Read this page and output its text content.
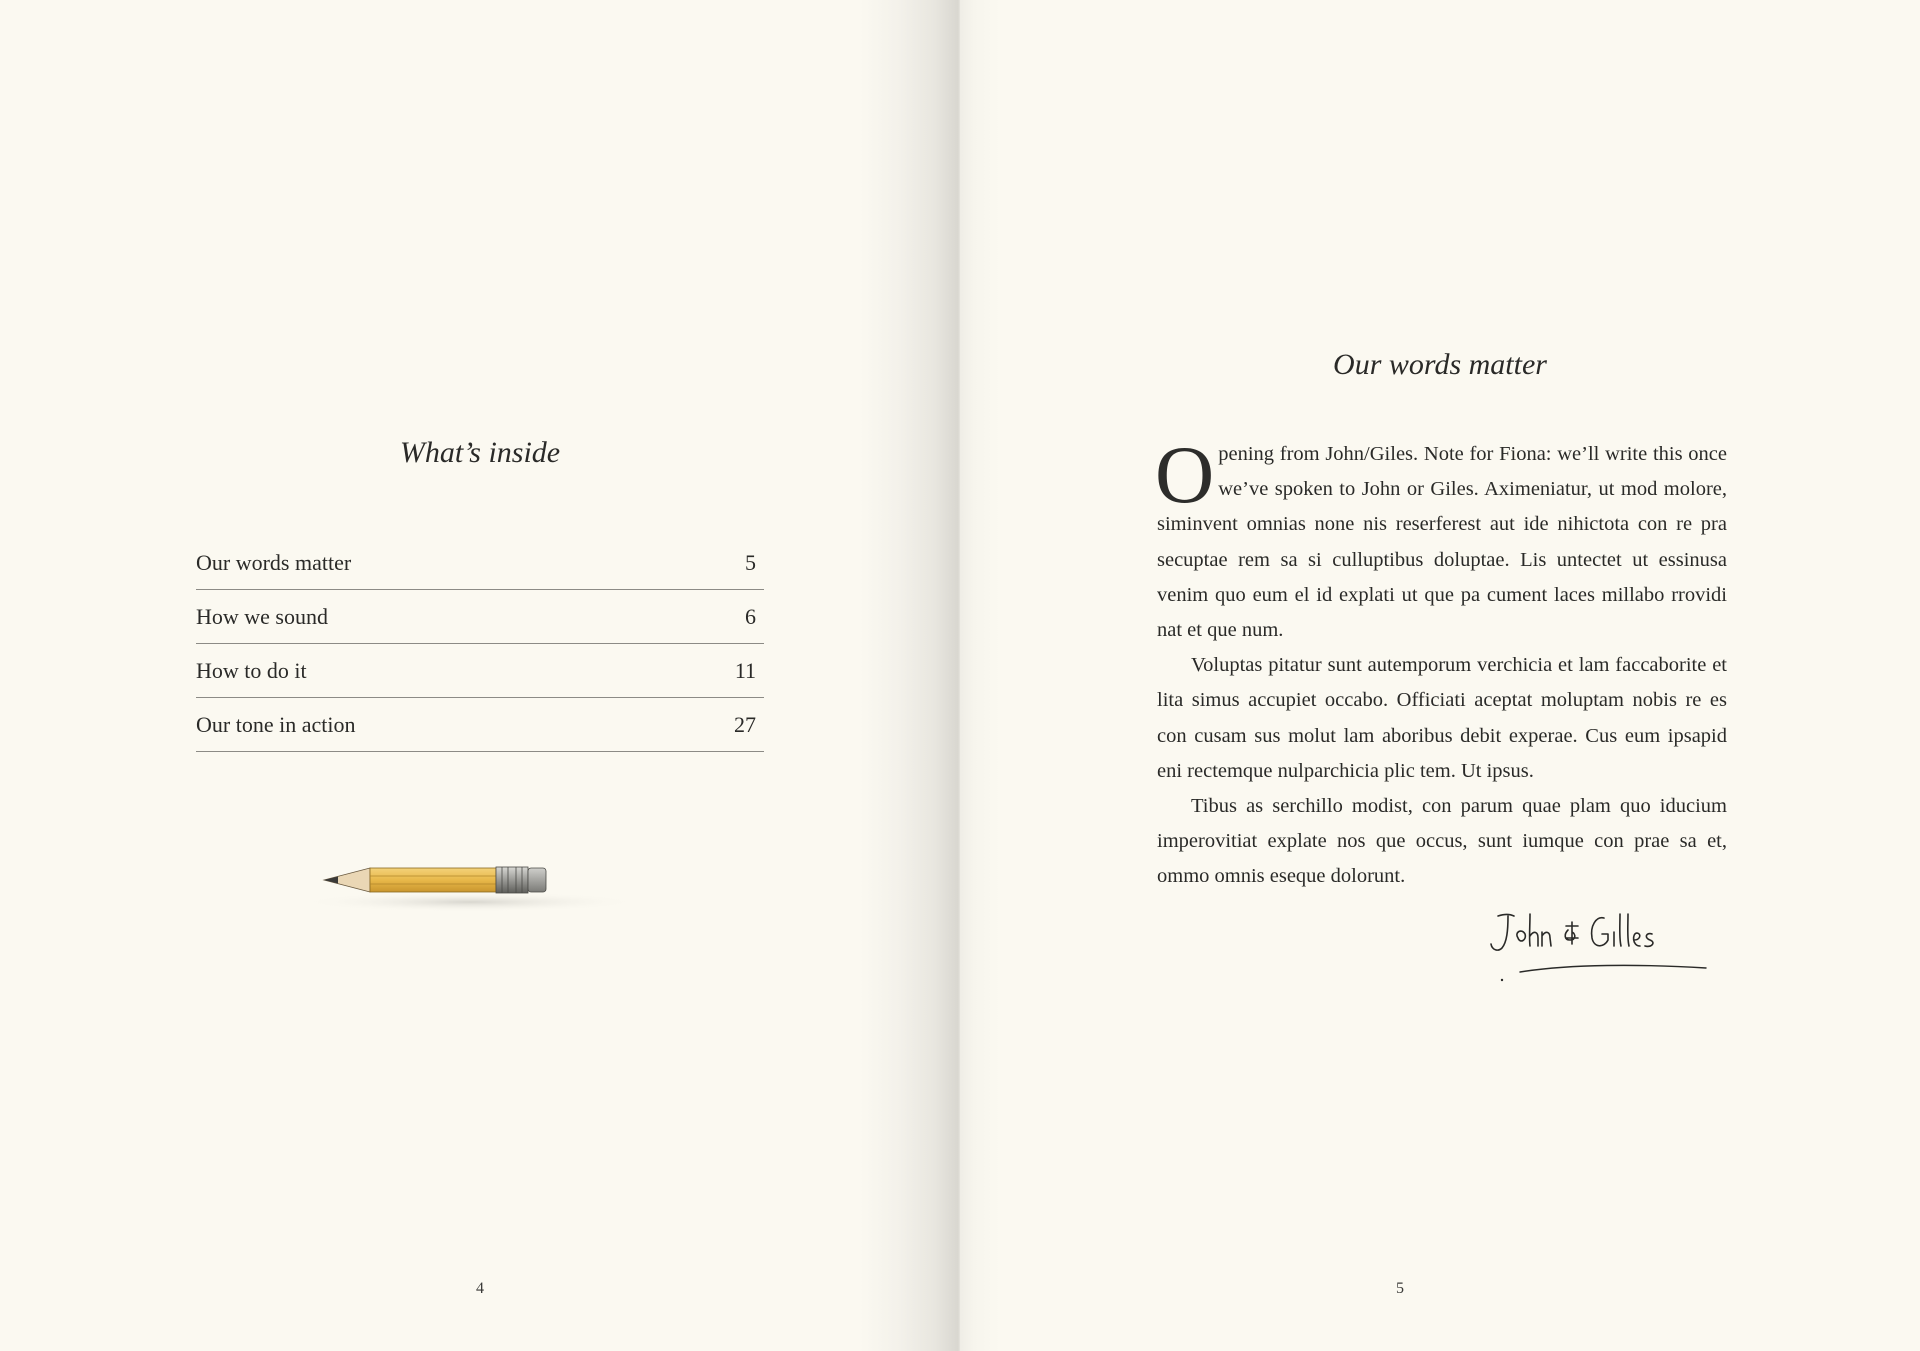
What’s inside
Our words matter	5
How we sound	6
How to do it	11
Our tone in action	27
4
Our words matter

Opening from John/Giles. Note for Fiona: we’ll write this once we’ve spoken to John or Giles. Aximeniatur, ut mod molore, siminvent omnias none nis reserferest aut ide nihictota con re pra secuptae rem sa si culluptibus doluptae. Lis untectet ut essinusa venim quo eum el id explati ut que pa cument laces millabo rrovidi nat et que num.

Voluptas pitatur sunt autemporum verchicia et lam faccaborite et lita simus accupiet occabo. Officiati aceptat moluptam nobis re es con cusam sus molut lam aboribus debit experae. Cus eum ipsapid eni rectemque nulparchicia plic tem. Ut ipsus.

Tibus as serchillo modist, con parum quae plam quo iducium imperovitiat explate nos que occus, sunt iumque con prae sa et, ommo omnis eseque dolorunt.

5
